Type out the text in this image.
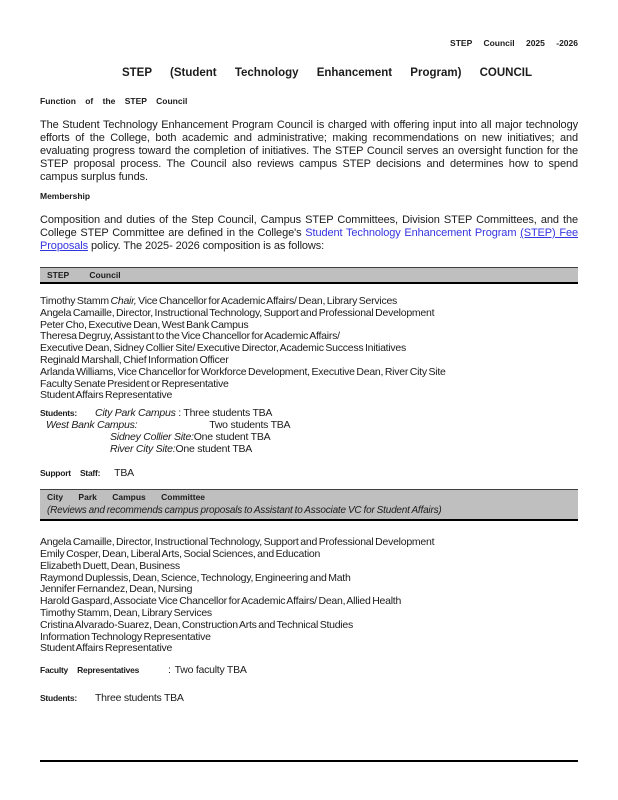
STEP Council 2025 -2026
STEP (Student Technology Enhancement Program) COUNCIL
Function of the STEP Council

The Student Technology Enhancement Program Council is charged with offering input into all major technology efforts of the College, both academic and administrative; making recommendations on new initiatives; and evaluating progress toward the completion of initiatives. The STEP Council serves an oversight function for the STEP proposal process. The Council also reviews campus STEP decisions and determines how to spend campus surplus funds.

Membership

Composition and duties of the Step Council, Campus STEP Committees, Division STEP Committees, and the College STEP Committee are defined in the College's Student Technology Enhancement Program (STEP) Fee Proposals policy. The 2025- 2026 composition is as follows:

STEP Council
Timothy Stamm Chair, Vice Chancellor for Academic Affairs/ Dean, Library Services
Angela Camaille, Director, Instructional Technology, Support and Professional Development
Peter Cho, Executive Dean, West Bank Campus
Theresa Degruy, Assistant to the Vice Chancellor for Academic Affairs/
Executive Dean, Sidney Collier Site/ Executive Director, Academic Success Initiatives
Reginald Marshall, Chief Information Officer
Arlanda Williams, Vice Chancellor for Workforce Development, Executive Dean, River City Site
Faculty Senate President or Representative
Student Affairs Representative
Students: City Park Campus : Three students TBA
West Bank Campus:	Two students TBA
Sidney Collier Site:One student TBA
River City Site:One student TBA
Support Staff: TBA
City Park Campus Committee
(Reviews and recommends campus proposals to Assistant to Associate VC for Student Affairs)
Angela Camaille, Director, Instructional Technology, Support and Professional Development
Emily Cosper, Dean, Liberal Arts, Social Sciences, and Education
Elizabeth Duett, Dean, Business
Raymond Duplessis, Dean, Science, Technology, Engineering and Math
Jennifer Fernandez, Dean, Nursing
Harold Gaspard, Associate Vice Chancellor for Academic Affairs/ Dean, Allied Health
Timothy Stamm, Dean, Library Services
Cristina Alvarado-Suarez, Dean, Construction Arts and Technical Studies
Information Technology Representative
Student Affairs Representative
Faculty Representatives	: Two faculty TBA
Students: Three students TBA
